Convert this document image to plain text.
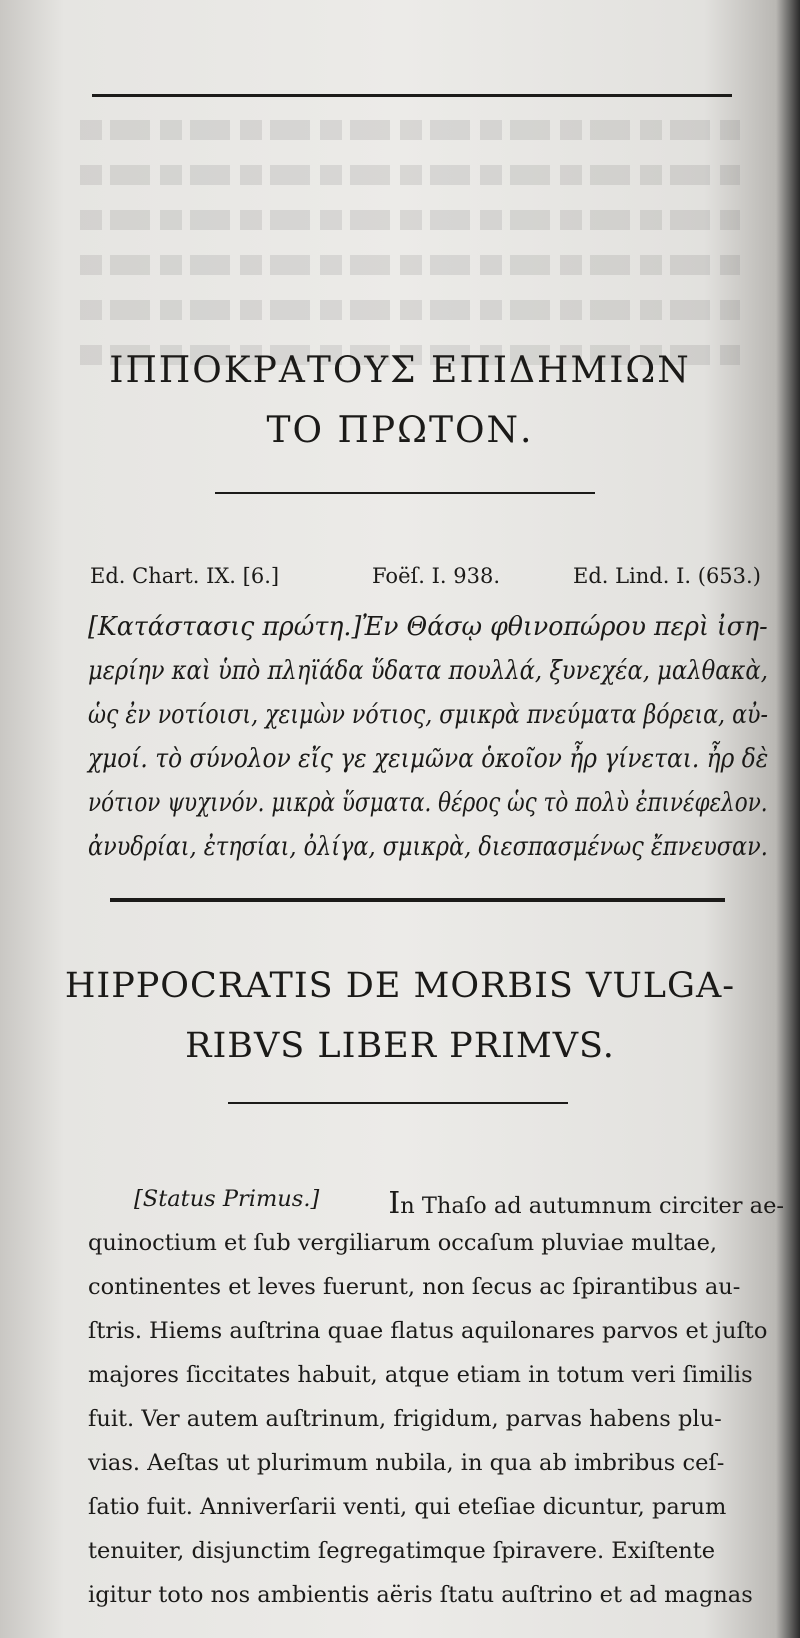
ΙΠΠΟΚΡΑΤΟΥΣ ΕΠΙΔΗΜΙΩΝ
ΤΟ ΠΡΩΤΟΝ.
Ed. Chart. IX. [6.]	Foëſ. I. 938.	Ed. Lind. I. (653.)
[Κατάστασις πρώτη.] Ἐν Θάσῳ φθινοπώρου περὶ ἰση-
μερίην καὶ ὑπὸ πληϊάδα ὕδατα πουλλά, ξυνεχέα, μαλθακὰ,
ὡς ἐν νοτίοισι, χειμὼν νότιος, σμικρὰ πνεύματα βόρεια, αὐ-
χμοί. τὸ σύνολον εἴς γε χειμῶνα ὁκοῖον ἦρ γίνεται. ἦρ δὲ
νότιον ψυχινόν. μικρὰ ὕσματα. θέρος ὡς τὸ πολὺ ἐπινέφελον.
ἀνυδρίαι, ἐτησίαι, ὀλίγα, σμικρὰ, διεσπασμένως ἔπνευσαν.
HIPPOCRATIS DE MORBIS VULGA-
RIBVS LIBER PRIMVS.
[Status Primus.] In Thaſo ad autumnum circiter ae-
quinoctium et ſub vergiliarum occaſum pluviae multae,
continentes et leves fuerunt, non ſecus ac ſpirantibus au-
ſtris. Hiems auſtrina quae flatus aquilonares parvos et juſto
majores ſiccitates habuit, atque etiam in totum veri ſimilis
fuit. Ver autem auſtrinum, frigidum, parvas habens plu-
vias. Aeſtas ut plurimum nubila, in qua ab imbribus ceſ-
ſatio fuit. Anniverſarii venti, qui eteſiae dicuntur, parum
tenuiter, disjunctim ſegregatimque ſpiravere. Exiſtente
igitur toto nos ambientis aëris ſtatu auſtrino et ad magnas
